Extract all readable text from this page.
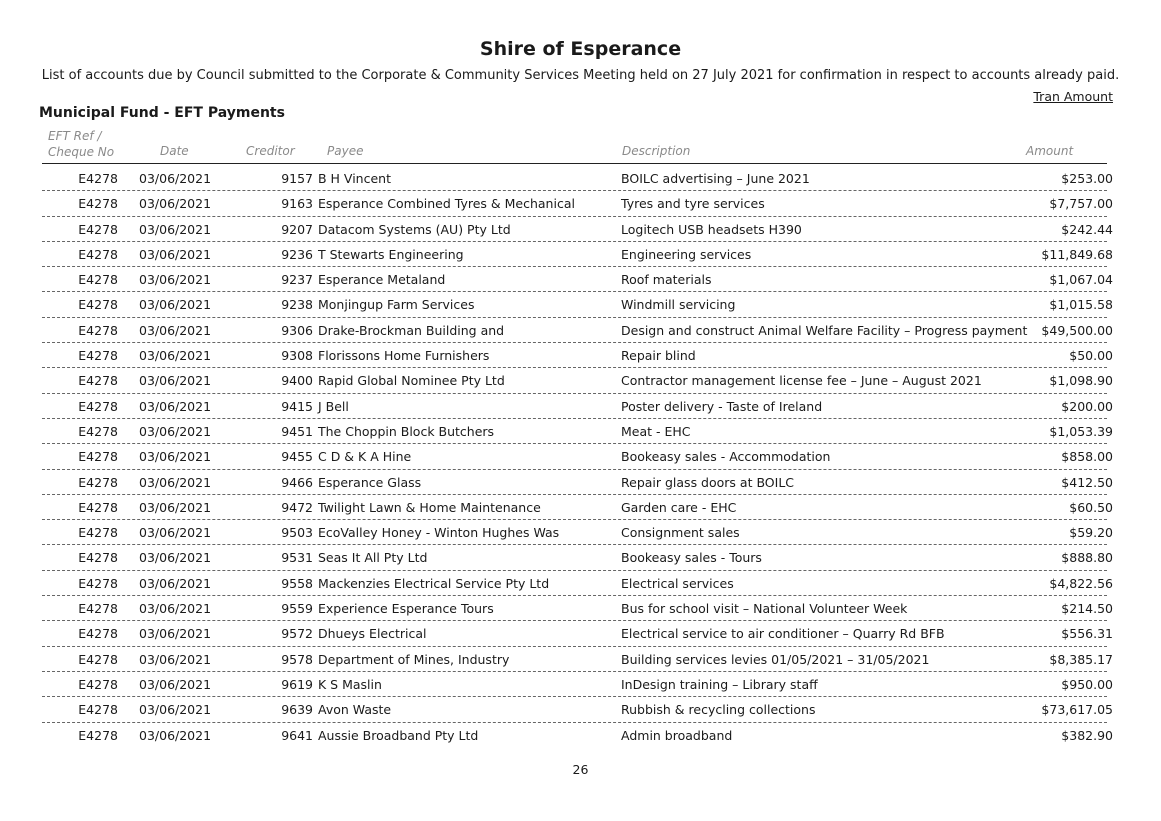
Shire of Esperance

List of accounts due by Council submitted to the Corporate & Community Services Meeting held on 27 July 2021 for confirmation in respect to accounts already paid.

Tran Amount

Municipal Fund - EFT Payments
EFT Ref /
Cheque No	Date	Creditor	Payee	Description	Amount
E4278 03/06/2021	9157 B H Vincent	BOILC advertising – June 2021	$253.00
E4278 03/06/2021	9163 Esperance Combined Tyres & Mechanical	Tyres and tyre services	$7,757.00
E4278 03/06/2021	9207 Datacom Systems (AU) Pty Ltd	Logitech USB headsets H390	$242.44
E4278 03/06/2021	9236 T Stewarts Engineering	Engineering services	$11,849.68
E4278 03/06/2021	9237 Esperance Metaland	Roof materials	$1,067.04
E4278 03/06/2021	9238 Monjingup Farm Services	Windmill servicing	$1,015.58
E4278 03/06/2021	9306 Drake-Brockman Building and	Design and construct Animal Welfare Facility – Progress payment $49,500.00
E4278 03/06/2021	9308 Florissons Home Furnishers	Repair blind	$50.00
E4278 03/06/2021	9400 Rapid Global Nominee Pty Ltd	Contractor management license fee – June – August 2021	$1,098.90
E4278 03/06/2021	9415 J Bell	Poster delivery - Taste of Ireland	$200.00
E4278 03/06/2021	9451 The Choppin Block Butchers	Meat - EHC	$1,053.39
E4278 03/06/2021	9455 C D & K A Hine	Bookeasy sales - Accommodation	$858.00
E4278 03/06/2021	9466 Esperance Glass	Repair glass doors at BOILC	$412.50
E4278 03/06/2021	9472 Twilight Lawn & Home Maintenance	Garden care - EHC	$60.50
E4278 03/06/2021	9503 EcoValley Honey - Winton Hughes Was	Consignment sales	$59.20
E4278 03/06/2021	9531 Seas It All Pty Ltd	Bookeasy sales - Tours	$888.80
E4278 03/06/2021	9558 Mackenzies Electrical Service Pty Ltd	Electrical services	$4,822.56
E4278 03/06/2021	9559 Experience Esperance Tours	Bus for school visit – National Volunteer Week	$214.50
E4278 03/06/2021	9572 Dhueys Electrical	Electrical service to air conditioner – Quarry Rd BFB	$556.31
E4278 03/06/2021	9578 Department of Mines, Industry	Building services levies 01/05/2021 – 31/05/2021	$8,385.17
E4278 03/06/2021	9619 K S Maslin	InDesign training – Library staff	$950.00
E4278 03/06/2021	9639 Avon Waste	Rubbish & recycling collections	$73,617.05
E4278 03/06/2021	9641 Aussie Broadband Pty Ltd	Admin broadband	$382.90

26
